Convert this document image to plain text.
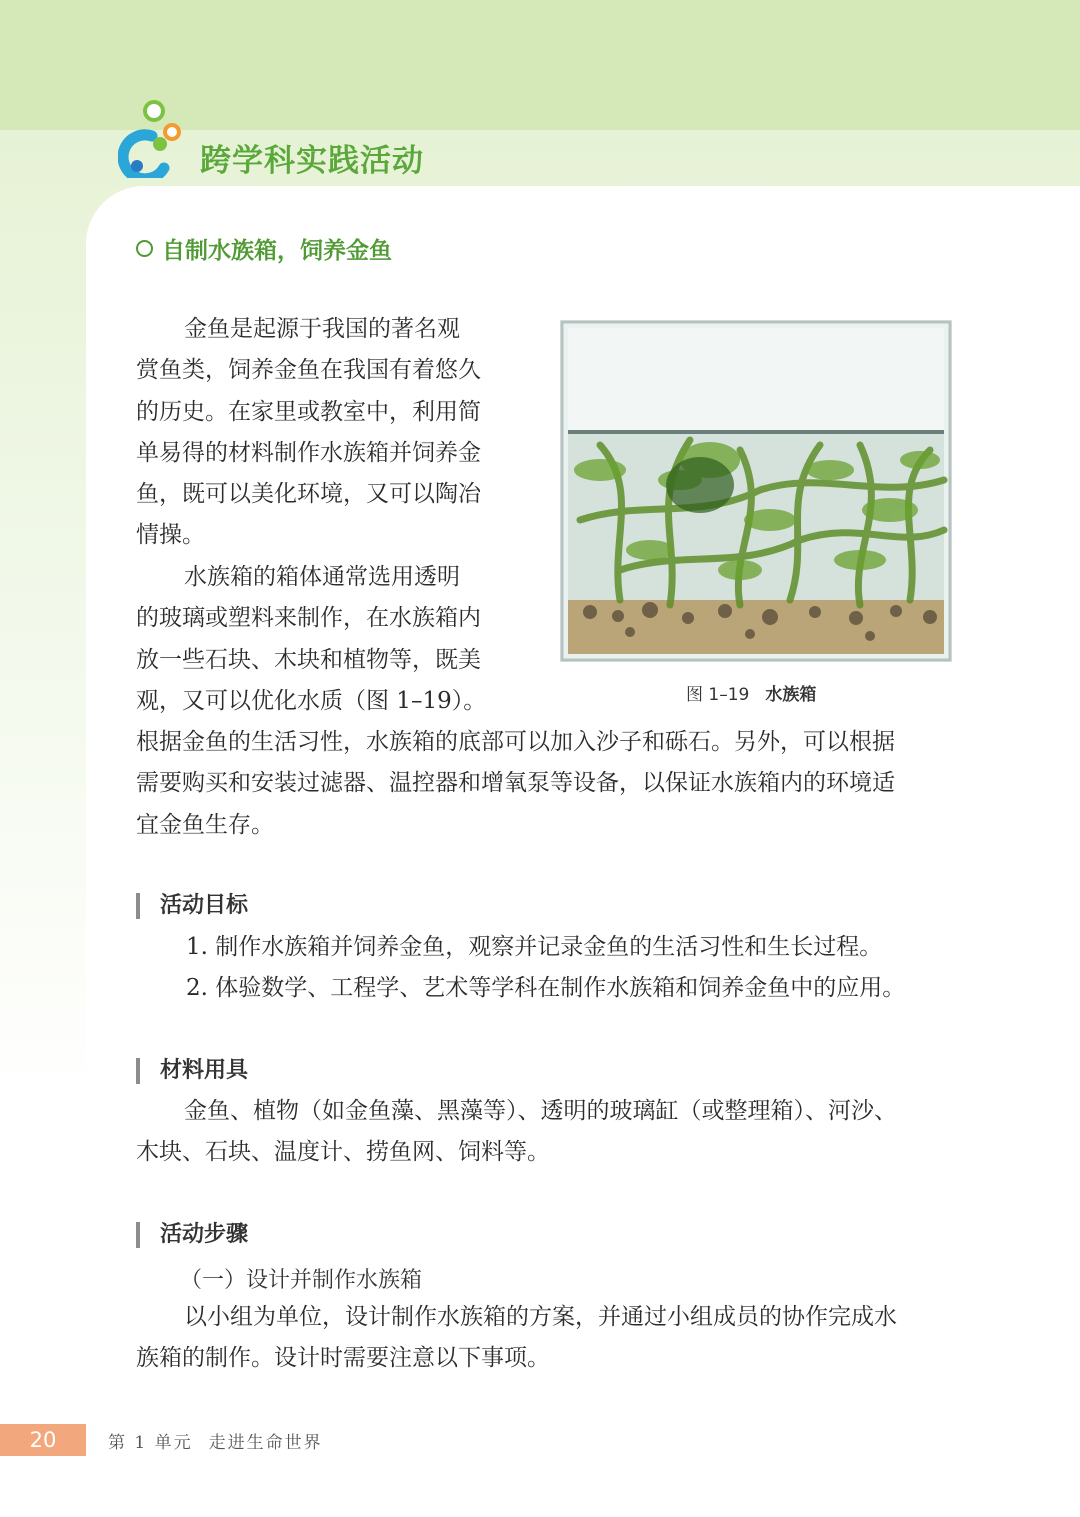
跨学科实践活动
自制水族箱，饲养金鱼
金鱼是起源于我国的著名观
赏鱼类，饲养金鱼在我国有着悠久
的历史。在家里或教室中，利用简
单易得的材料制作水族箱并饲养金
鱼，既可以美化环境，又可以陶冶
情操。
水族箱的箱体通常选用透明
的玻璃或塑料来制作，在水族箱内
放一些石块、木块和植物等，既美
观，又可以优化水质（图 1–19）。
根据金鱼的生活习性，水族箱的底部可以加入沙子和砾石。另外，可以根据
需要购买和安装过滤器、温控器和增氧泵等设备，以保证水族箱内的环境适
宜金鱼生存。
图 1–19 水族箱
活动目标
1. 制作水族箱并饲养金鱼，观察并记录金鱼的生活习性和生长过程。
2. 体验数学、工程学、艺术等学科在制作水族箱和饲养金鱼中的应用。
材料用具
金鱼、植物（如金鱼藻、黑藻等）、透明的玻璃缸（或整理箱）、河沙、
木块、石块、温度计、捞鱼网、饲料等。
活动步骤
（一）设计并制作水族箱
以小组为单位，设计制作水族箱的方案，并通过小组成员的协作完成水
族箱的制作。设计时需要注意以下事项。
20	第 1 单元 走进生命世界
